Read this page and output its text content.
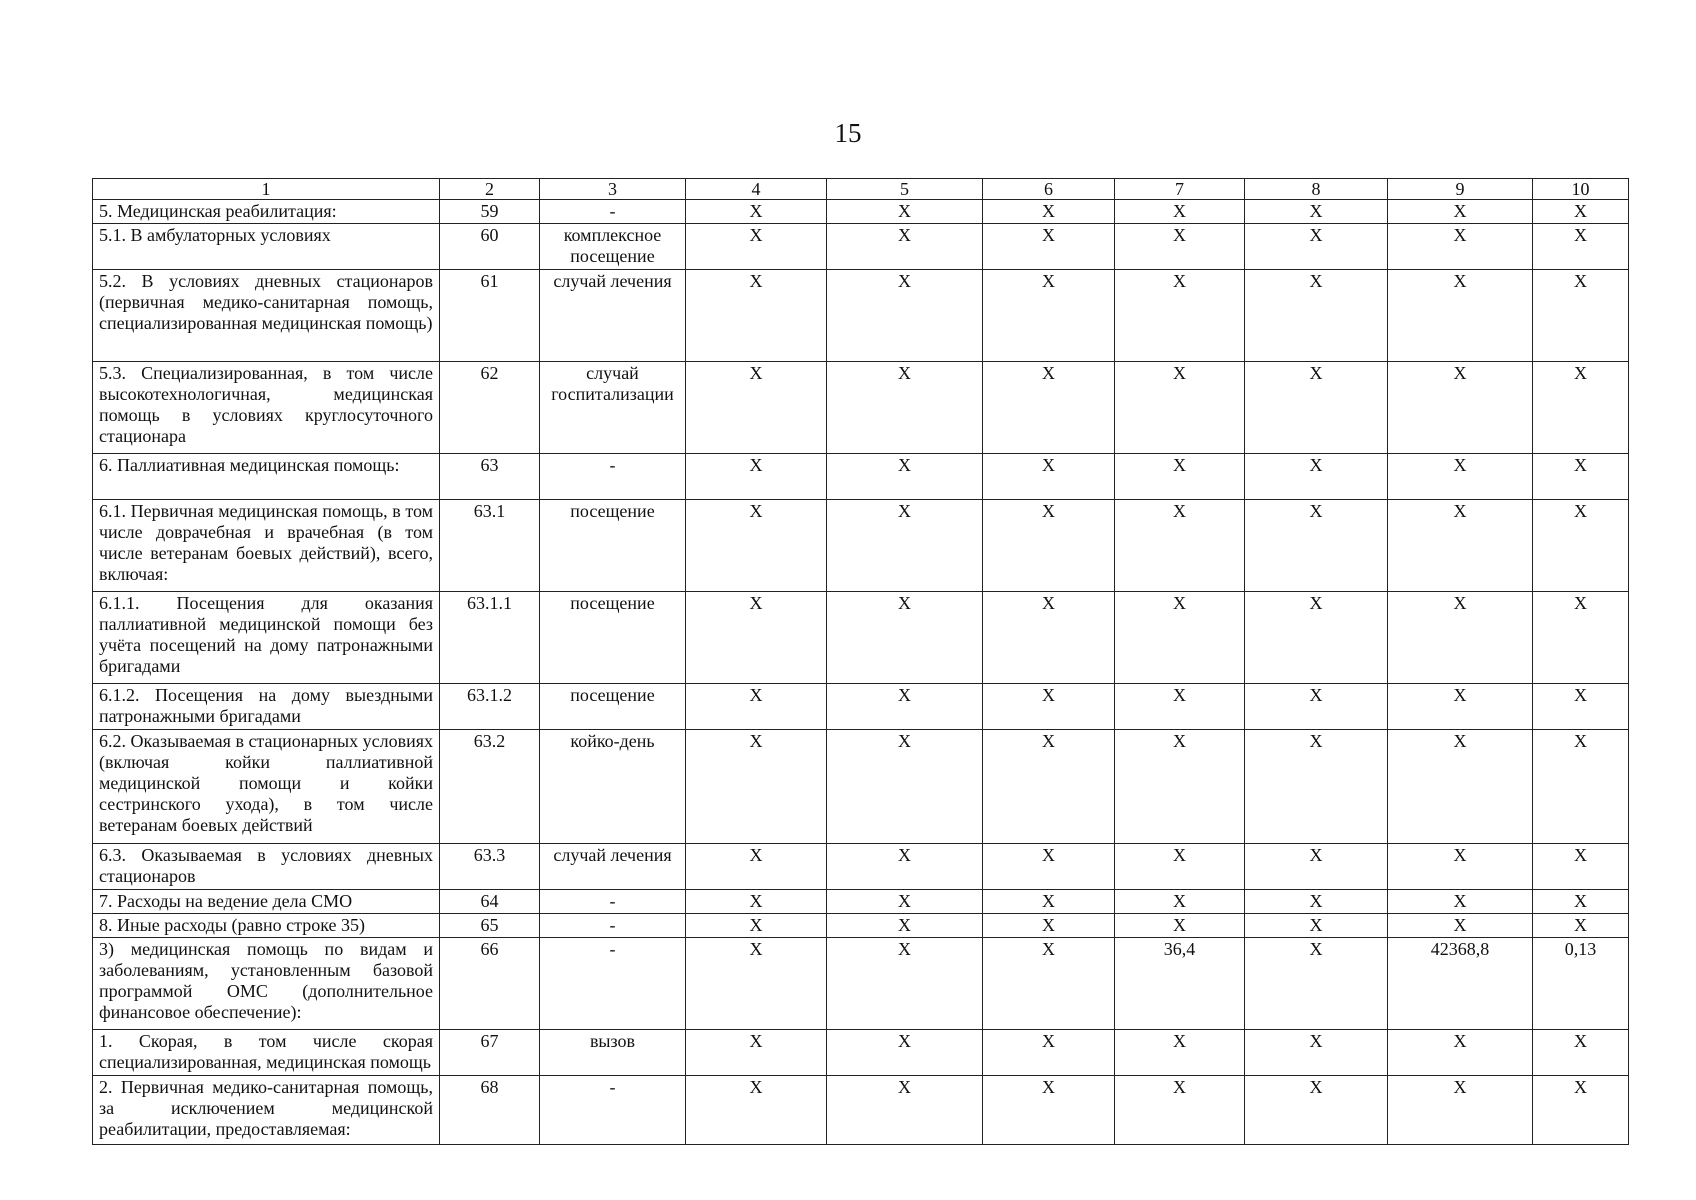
15
1	2	3	4	5	6	7	8	9	10
5. Медицинская реабилитация:	59	-	Х	Х	Х	Х	Х	Х	Х
5.1. В амбулаторных условиях	60	комплексное посещение	Х	Х	Х	Х	Х	Х	Х
5.2. В условиях дневных стационаров (первичная медико-санитарная помощь, специализированная медицинская помощь)	61	случай лечения	Х	Х	Х	Х	Х	Х	Х
5.3. Специализированная, в том числе высокотехнологичная, медицинская помощь в условиях круглосуточного стационара	62	случай госпитализации	Х	Х	Х	Х	Х	Х	Х
6. Паллиативная медицинская помощь:	63	-	Х	Х	Х	Х	Х	Х	Х
6.1. Первичная медицинская помощь, в том числе доврачебная и врачебная (в том числе ветеранам боевых действий), всего, включая:	63.1	посещение	Х	Х	Х	Х	Х	Х	Х
6.1.1. Посещения для оказания паллиативной медицинской помощи без учёта посещений на дому патронажными бригадами	63.1.1	посещение	Х	Х	Х	Х	Х	Х	Х
6.1.2. Посещения на дому выездными патронажными бригадами	63.1.2	посещение	Х	Х	Х	Х	Х	Х	Х
6.2. Оказываемая в стационарных условиях (включая койки паллиативной медицинской помощи и койки сестринского ухода), в том числе ветеранам боевых действий	63.2	койко-день	Х	Х	Х	Х	Х	Х	Х
6.3. Оказываемая в условиях дневных стационаров	63.3	случай лечения	Х	Х	Х	Х	Х	Х	Х
7. Расходы на ведение дела СМО	64	-	Х	Х	Х	Х	Х	Х	Х
8. Иные расходы (равно строке 35)	65	-	Х	Х	Х	Х	Х	Х	Х
3) медицинская помощь по видам и заболеваниям, установленным базовой программой ОМС (дополнительное финансовое обеспечение):	66	-	Х	Х	Х	36,4	Х	42368,8	0,13
1. Скорая, в том числе скорая специализированная, медицинская помощь	67	вызов	Х	Х	Х	Х	Х	Х	Х
2. Первичная медико-санитарная помощь, за исключением медицинской реабилитации, предоставляемая:	68	-	Х	Х	Х	Х	Х	Х	Х
